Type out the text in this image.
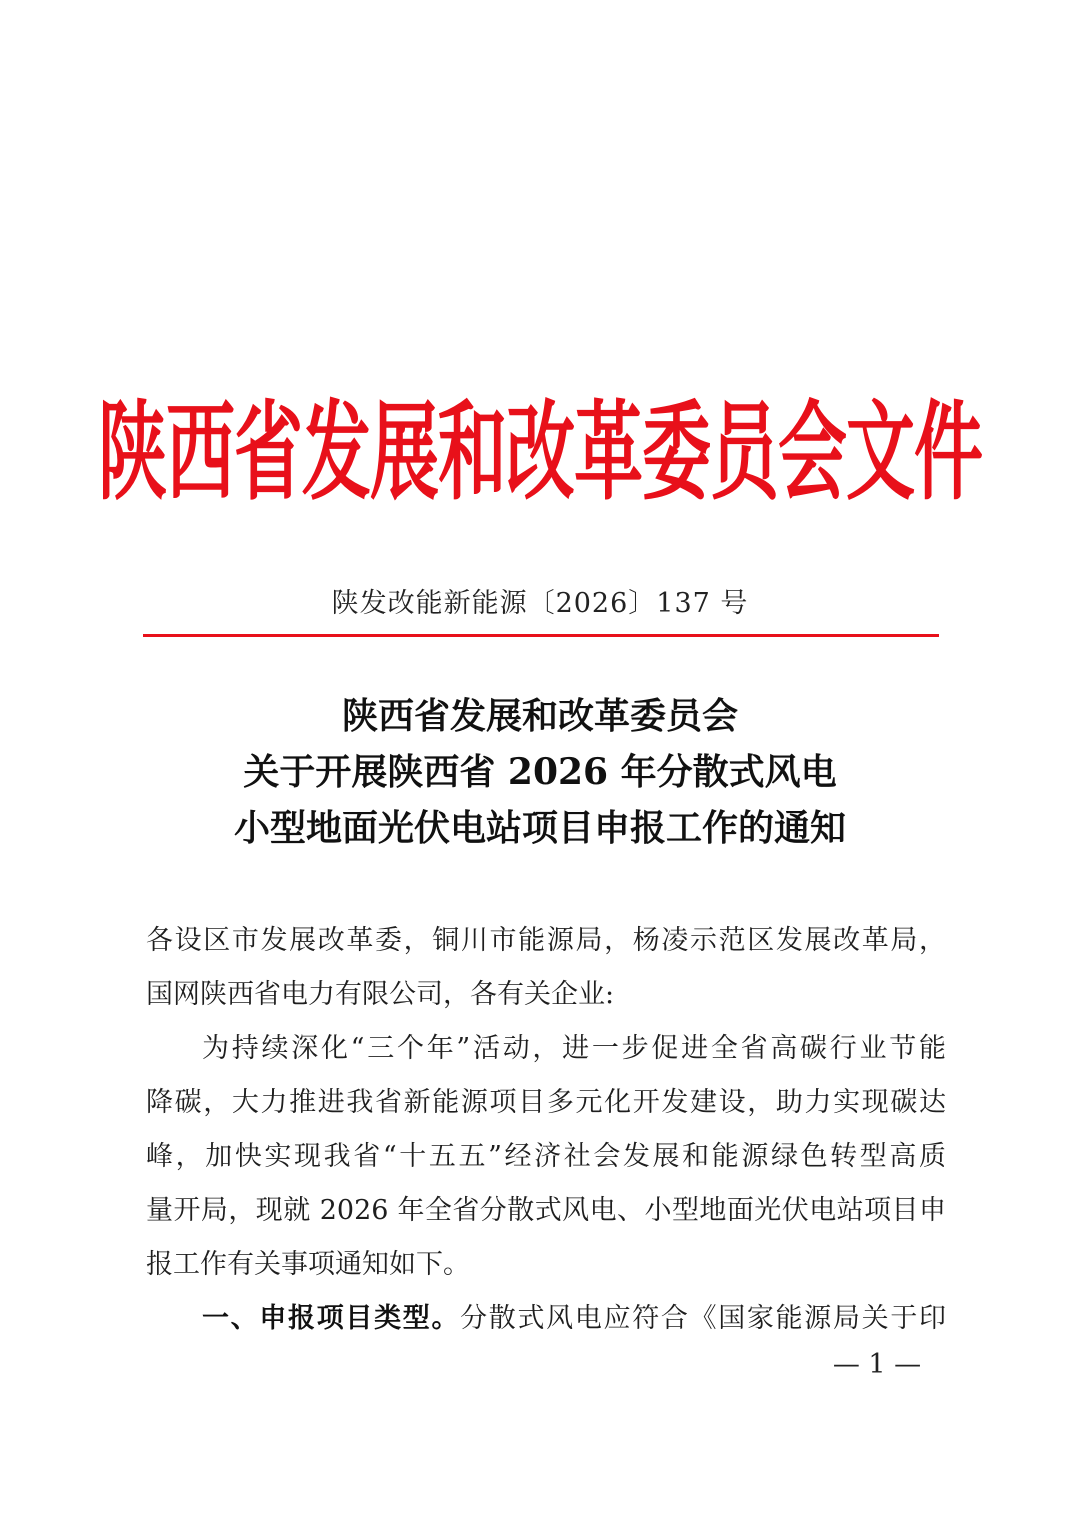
陕西省发展和改革委员会文件
陕发改能新能源〔2026〕137 号
陕西省发展和改革委员会
关于开展陕西省 2026 年分散式风电
小型地面光伏电站项目申报工作的通知
各设区市发展改革委，铜川市能源局，杨凌示范区发展改革局，
国网陕西省电力有限公司，各有关企业:
为持续深化“三个年”活动，进一步促进全省高碳行业节能
降碳，大力推进我省新能源项目多元化开发建设，助力实现碳达
峰，加快实现我省“十五五”经济社会发展和能源绿色转型高质
量开局，现就 2026 年全省分散式风电、小型地面光伏电站项目申
报工作有关事项通知如下。
一、申报项目类型。分散式风电应符合《国家能源局关于印
— 1 —
